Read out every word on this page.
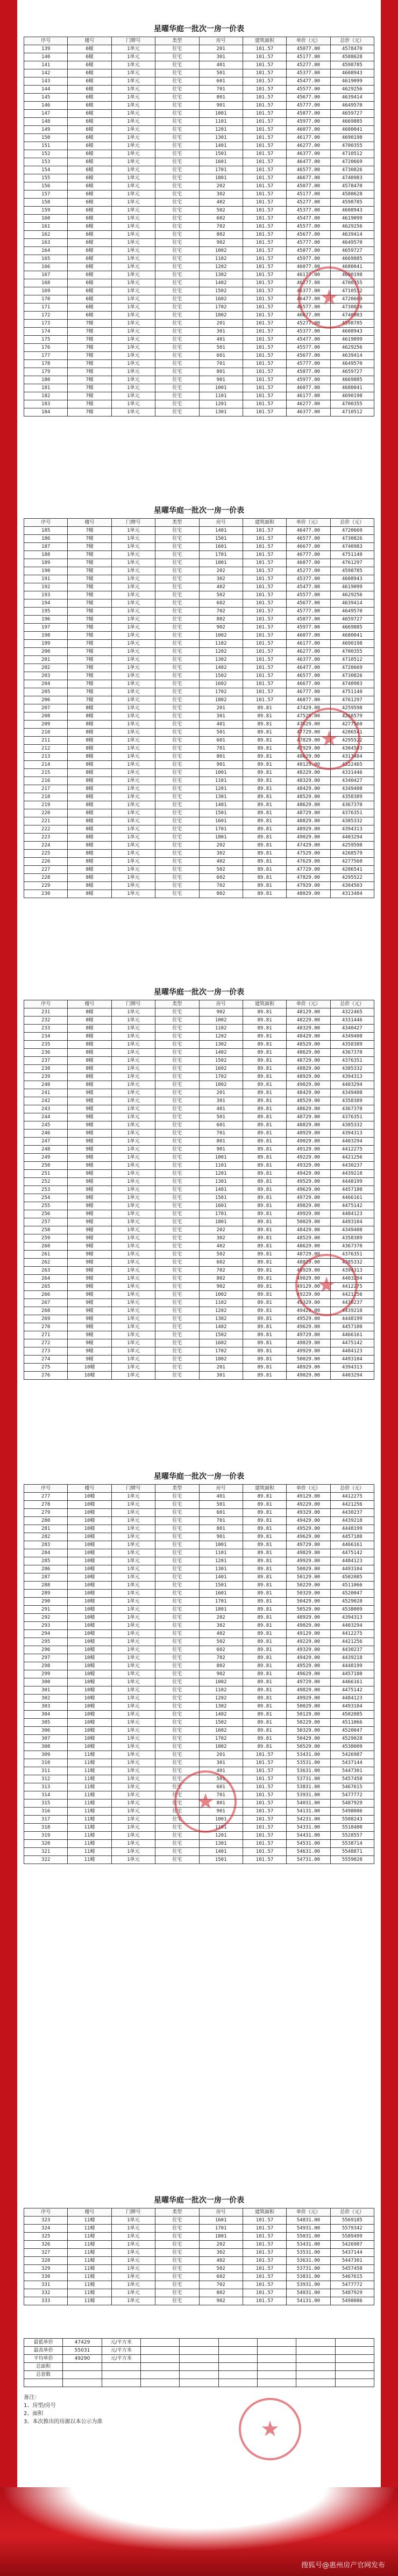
星曜华庭一批次一房一价表
序号	楼号	门牌号	类型	房号	建筑面积	单价（元）	总价（元）
139	6幢	1单元	住宅	201	101.57	45077.00	4578470
140	6幢	1单元	住宅	301	101.57	45177.00	4588628
141	6幢	1单元	住宅	401	101.57	45277.00	4598785
142	6幢	1单元	住宅	501	101.57	45377.00	4608943
143	6幢	1单元	住宅	601	101.57	45477.00	4619099
144	6幢	1单元	住宅	701	101.57	45577.00	4629256
145	6幢	1单元	住宅	801	101.57	45677.00	4639414
146	6幢	1单元	住宅	901	101.57	45777.00	4649570
147	6幢	1单元	住宅	1001	101.57	45877.00	4659727
148	6幢	1单元	住宅	1101	101.57	45977.00	4669885
149	6幢	1单元	住宅	1201	101.57	46077.00	4680041
150	6幢	1单元	住宅	1301	101.57	46177.00	4690198
151	6幢	1单元	住宅	1401	101.57	46277.00	4700355
152	6幢	1单元	住宅	1501	101.57	46377.00	4710512
153	6幢	1单元	住宅	1601	101.57	46477.00	4720669
154	6幢	1单元	住宅	1701	101.57	46577.00	4730826
155	6幢	1单元	住宅	1801	101.57	46677.00	4740983
156	6幢	1单元	住宅	202	101.57	45077.00	4578470
157	6幢	1单元	住宅	302	101.57	45177.00	4588628
158	6幢	1单元	住宅	402	101.57	45277.00	4598785
159	6幢	1单元	住宅	502	101.57	45377.00	4608943
160	6幢	1单元	住宅	602	101.57	45477.00	4619099
161	6幢	1单元	住宅	702	101.57	45577.00	4629256
162	6幢	1单元	住宅	802	101.57	45677.00	4639414
163	6幢	1单元	住宅	902	101.57	45777.00	4649570
164	6幢	1单元	住宅	1002	101.57	45877.00	4659727
165	6幢	1单元	住宅	1102	101.57	45977.00	4669885
166	6幢	1单元	住宅	1202	101.57	46077.00	4680041
167	6幢	1单元	住宅	1302	101.57	46177.00	4690198
168	6幢	1单元	住宅	1402	101.57	46277.00	4700355
169	6幢	1单元	住宅	1502	101.57	46377.00	4710512
170	6幢	1单元	住宅	1602	101.57	46477.00	4720669
171	6幢	1单元	住宅	1702	101.57	46577.00	4730826
172	6幢	1单元	住宅	1802	101.57	46677.00	4740983
173	7幢	1单元	住宅	201	101.57	45277.00	4598785
174	7幢	1单元	住宅	301	101.57	45377.00	4608943
175	7幢	1单元	住宅	401	101.57	45477.00	4619099
176	7幢	1单元	住宅	501	101.57	45577.00	4629256
177	7幢	1单元	住宅	601	101.57	45677.00	4639414
178	7幢	1单元	住宅	701	101.57	45777.00	4649570
179	7幢	1单元	住宅	801	101.57	45877.00	4659727
180	7幢	1单元	住宅	901	101.57	45977.00	4669885
181	7幢	1单元	住宅	1001	101.57	46077.00	4680041
182	7幢	1单元	住宅	1101	101.57	46177.00	4690198
183	7幢	1单元	住宅	1201	101.57	46277.00	4700355
184	7幢	1单元	住宅	1301	101.57	46377.00	4710512
★
星曜华庭一批次一房一价表
序号	楼号	门牌号	类型	房号	建筑面积	单价（元）	总价（元）
185	7幢	1单元	住宅	1401	101.57	46477.00	4720669
186	7幢	1单元	住宅	1501	101.57	46577.00	4730826
187	7幢	1单元	住宅	1601	101.57	46677.00	4740983
188	7幢	1单元	住宅	1701	101.57	46777.00	4751140
189	7幢	1单元	住宅	1801	101.57	46877.00	4761297
190	7幢	1单元	住宅	202	101.57	45277.00	4598785
191	7幢	1单元	住宅	302	101.57	45377.00	4608943
192	7幢	1单元	住宅	402	101.57	45477.00	4619099
193	7幢	1单元	住宅	502	101.57	45577.00	4629256
194	7幢	1单元	住宅	602	101.57	45677.00	4639414
195	7幢	1单元	住宅	702	101.57	45777.00	4649570
196	7幢	1单元	住宅	802	101.57	45877.00	4659727
197	7幢	1单元	住宅	902	101.57	45977.00	4669885
198	7幢	1单元	住宅	1002	101.57	46077.00	4680041
199	7幢	1单元	住宅	1102	101.57	46177.00	4690198
200	7幢	1单元	住宅	1202	101.57	46277.00	4700355
201	7幢	1单元	住宅	1302	101.57	46377.00	4710512
202	7幢	1单元	住宅	1402	101.57	46477.00	4720669
203	7幢	1单元	住宅	1502	101.57	46577.00	4730826
204	7幢	1单元	住宅	1602	101.57	46677.00	4740983
205	7幢	1单元	住宅	1702	101.57	46777.00	4751140
206	7幢	1单元	住宅	1802	101.57	46877.00	4761297
207	8幢	1单元	住宅	201	89.81	47429.00	4259598
208	8幢	1单元	住宅	301	89.81	47529.00	4268579
209	8幢	1单元	住宅	401	89.81	47629.00	4277560
210	8幢	1单元	住宅	501	89.81	47729.00	4286541
211	8幢	1单元	住宅	601	89.81	47829.00	4295522
212	8幢	1单元	住宅	701	89.81	47929.00	4304503
213	8幢	1单元	住宅	801	89.81	48029.00	4313484
214	8幢	1单元	住宅	901	89.81	48129.00	4322465
215	8幢	1单元	住宅	1001	89.81	48229.00	4331446
216	8幢	1单元	住宅	1101	89.81	48329.00	4340427
217	8幢	1单元	住宅	1201	89.81	48429.00	4349408
218	8幢	1单元	住宅	1301	89.81	48529.00	4358389
219	8幢	1单元	住宅	1401	89.81	48629.00	4367370
220	8幢	1单元	住宅	1501	89.81	48729.00	4376351
221	8幢	1单元	住宅	1601	89.81	48829.00	4385332
222	8幢	1单元	住宅	1701	89.81	48929.00	4394313
223	8幢	1单元	住宅	1801	89.81	49029.00	4403294
224	8幢	1单元	住宅	202	89.81	47429.00	4259598
225	8幢	1单元	住宅	302	89.81	47529.00	4268579
226	8幢	1单元	住宅	402	89.81	47629.00	4277560
227	8幢	1单元	住宅	502	89.81	47729.00	4286541
228	8幢	1单元	住宅	602	89.81	47829.00	4295522
229	8幢	1单元	住宅	702	89.81	47929.00	4304503
230	8幢	1单元	住宅	802	89.81	48029.00	4313484
★
星曜华庭一批次一房一价表
序号	楼号	门牌号	类型	房号	建筑面积	单价（元）	总价（元）
231	8幢	1单元	住宅	902	89.81	48129.00	4322465
232	8幢	1单元	住宅	1002	89.81	48229.00	4331446
233	8幢	1单元	住宅	1102	89.81	48329.00	4340427
234	8幢	1单元	住宅	1202	89.81	48429.00	4349408
235	8幢	1单元	住宅	1302	89.81	48529.00	4358389
236	8幢	1单元	住宅	1402	89.81	48629.00	4367370
237	8幢	1单元	住宅	1502	89.81	48729.00	4376351
238	8幢	1单元	住宅	1602	89.81	48829.00	4385332
239	8幢	1单元	住宅	1702	89.81	48929.00	4394313
240	8幢	1单元	住宅	1802	89.81	49029.00	4403294
241	9幢	1单元	住宅	201	89.81	48429.00	4349408
242	9幢	1单元	住宅	301	89.81	48529.00	4358389
243	9幢	1单元	住宅	401	89.81	48629.00	4367370
244	9幢	1单元	住宅	501	89.81	48729.00	4376351
245	9幢	1单元	住宅	601	89.81	48829.00	4385332
246	9幢	1单元	住宅	701	89.81	48929.00	4394313
247	9幢	1单元	住宅	801	89.81	49029.00	4403294
248	9幢	1单元	住宅	901	89.81	49129.00	4412275
249	9幢	1单元	住宅	1001	89.81	49229.00	4421256
250	9幢	1单元	住宅	1101	89.81	49329.00	4430237
251	9幢	1单元	住宅	1201	89.81	49429.00	4439218
252	9幢	1单元	住宅	1301	89.81	49529.00	4448199
253	9幢	1单元	住宅	1401	89.81	49629.00	4457180
254	9幢	1单元	住宅	1501	89.81	49729.00	4466161
255	9幢	1单元	住宅	1601	89.81	49829.00	4475142
256	9幢	1单元	住宅	1701	89.81	49929.00	4484123
257	9幢	1单元	住宅	1801	89.81	50029.00	4493104
258	9幢	1单元	住宅	202	89.81	48429.00	4349408
259	9幢	1单元	住宅	302	89.81	48529.00	4358389
260	9幢	1单元	住宅	402	89.81	48629.00	4367370
261	9幢	1单元	住宅	502	89.81	48729.00	4376351
262	9幢	1单元	住宅	602	89.81	48829.00	4385332
263	9幢	1单元	住宅	702	89.81	48929.00	4394313
264	9幢	1单元	住宅	802	89.81	49029.00	4403294
265	9幢	1单元	住宅	902	89.81	49129.00	4412275
266	9幢	1单元	住宅	1002	89.81	49229.00	4421256
267	9幢	1单元	住宅	1102	89.81	49329.00	4430237
268	9幢	1单元	住宅	1202	89.81	49429.00	4439218
269	9幢	1单元	住宅	1302	89.81	49529.00	4448199
270	9幢	1单元	住宅	1402	89.81	49629.00	4457180
271	9幢	1单元	住宅	1502	89.81	49729.00	4466161
272	9幢	1单元	住宅	1602	89.81	49829.00	4475142
273	9幢	1单元	住宅	1702	89.81	49929.00	4484123
274	9幢	1单元	住宅	1802	89.81	50029.00	4493104
275	10幢	1单元	住宅	201	89.81	48929.00	4394313
276	10幢	1单元	住宅	301	89.81	49029.00	4403294
★
星曜华庭一批次一房一价表
序号	楼号	门牌号	类型	房号	建筑面积	单价（元）	总价（元）
277	10幢	1单元	住宅	401	89.81	49129.00	4412275
278	10幢	1单元	住宅	501	89.81	49229.00	4421256
279	10幢	1单元	住宅	601	89.81	49329.00	4430237
280	10幢	1单元	住宅	701	89.81	49429.00	4439218
281	10幢	1单元	住宅	801	89.81	49529.00	4448199
282	10幢	1单元	住宅	901	89.81	49629.00	4457180
283	10幢	1单元	住宅	1001	89.81	49729.00	4466161
284	10幢	1单元	住宅	1101	89.81	49829.00	4475142
285	10幢	1单元	住宅	1201	89.81	49929.00	4484123
286	10幢	1单元	住宅	1301	89.81	50029.00	4493104
287	10幢	1单元	住宅	1401	89.81	50129.00	4502085
288	10幢	1单元	住宅	1501	89.81	50229.00	4511066
289	10幢	1单元	住宅	1601	89.81	50329.00	4520047
290	10幢	1单元	住宅	1701	89.81	50429.00	4529028
291	10幢	1单元	住宅	1801	89.81	50529.00	4538009
292	10幢	1单元	住宅	202	89.81	48929.00	4394313
293	10幢	1单元	住宅	302	89.81	49029.00	4403294
294	10幢	1单元	住宅	402	89.81	49129.00	4412275
295	10幢	1单元	住宅	502	89.81	49229.00	4421256
296	10幢	1单元	住宅	602	89.81	49329.00	4430237
297	10幢	1单元	住宅	702	89.81	49429.00	4439218
298	10幢	1单元	住宅	802	89.81	49529.00	4448199
299	10幢	1单元	住宅	902	89.81	49629.00	4457180
300	10幢	1单元	住宅	1002	89.81	49729.00	4466161
301	10幢	1单元	住宅	1102	89.81	49829.00	4475142
302	10幢	1单元	住宅	1202	89.81	49929.00	4484123
303	10幢	1单元	住宅	1302	89.81	50029.00	4493104
304	10幢	1单元	住宅	1402	89.81	50129.00	4502085
305	10幢	1单元	住宅	1502	89.81	50229.00	4511066
306	10幢	1单元	住宅	1602	89.81	50329.00	4520047
307	10幢	1单元	住宅	1702	89.81	50429.00	4529028
308	10幢	1单元	住宅	1802	89.81	50529.00	4538009
309	11幢	1单元	住宅	201	101.57	53431.00	5426987
310	11幢	1单元	住宅	301	101.57	53531.00	5437144
311	11幢	1单元	住宅	401	101.57	53631.00	5447301
312	11幢	1单元	住宅	501	101.57	53731.00	5457458
313	11幢	1单元	住宅	601	101.57	53831.00	5467615
314	11幢	1单元	住宅	701	101.57	53931.00	5477772
315	11幢	1单元	住宅	801	101.57	54031.00	5487929
316	11幢	1单元	住宅	901	101.57	54131.00	5498086
317	11幢	1单元	住宅	1001	101.57	54231.00	5508243
318	11幢	1单元	住宅	1101	101.57	54331.00	5518400
319	11幢	1单元	住宅	1201	101.57	54431.00	5528557
320	11幢	1单元	住宅	1301	101.57	54531.00	5538714
321	11幢	1单元	住宅	1401	101.57	54631.00	5548871
322	11幢	1单元	住宅	1501	101.57	54731.00	5559028
★
星曜华庭一批次一房一价表
序号	楼号	门牌号	类型	房号	建筑面积	单价（元）	总价（元）
323	11幢	1单元	住宅	1601	101.57	54831.00	5569185
324	11幢	1单元	住宅	1701	101.57	54931.00	5579342
325	11幢	1单元	住宅	1801	101.57	55031.00	5589499
326	11幢	1单元	住宅	202	101.57	53431.00	5426987
327	11幢	1单元	住宅	302	101.57	53531.00	5437144
328	11幢	1单元	住宅	402	101.57	53631.00	5447301
329	11幢	1单元	住宅	502	101.57	53731.00	5457458
330	11幢	1单元	住宅	602	101.57	53831.00	5467615
331	11幢	1单元	住宅	702	101.57	53931.00	5477772
332	11幢	1单元	住宅	802	101.57	54031.00	5487929
333	11幢	1单元	住宅	902	101.57	54131.00	5498086
最低单价	47429	元/平方米						
最高单价	55031	元/平方米						
平均单价	49290	元/平方米						
总面积								
总套数								

备注：
1、房型/房号
2、面积
3、本次推出的房源以本公示为准	★
搜狐号@惠州房产官网发布
